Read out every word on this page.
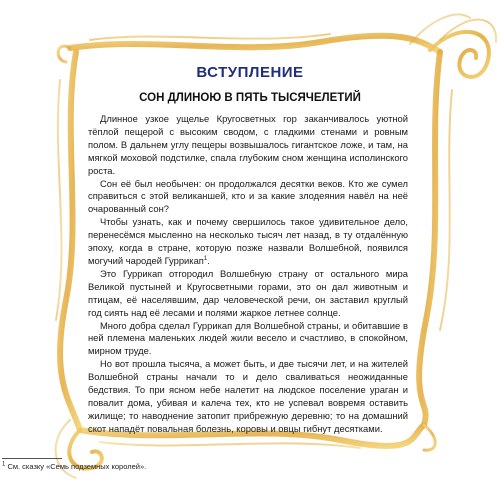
ВСТУПЛЕНИЕ
СОН ДЛИНОЮ В ПЯТЬ ТЫСЯЧЕЛЕТИЙ

Длинное узкое ущелье Кругосветных гор заканчивалось уютной тёплой пещерой с высоким сводом, с гладкими стенами и ровным полом. В дальнем углу пещеры возвышалось гигантское ложе, и там, на мягкой моховой подстилке, спала глубоким сном женщина исполинского роста.

Сон её был необычен: он продолжался десятки веков. Кто же сумел справиться с этой великаншей, кто и за какие злодеяния навёл на неё очарованный сон?

Чтобы узнать, как и почему свершилось такое удивительное дело, перенесёмся мысленно на несколько тысяч лет назад, в ту отдалённую эпоху, когда в стране, которую позже назвали Волшебной, появился могучий чародей Гуррикап$^1$.

Это Гуррикап отгородил Волшебную страну от остального мира Великой пустыней и Кругосветными горами, это он дал животным и птицам, её населявшим, дар человеческой речи, он заставил круглый год сиять над её лесами и полями жаркое летнее солнце.

Много добра сделал Гуррикап для Волшебной страны, и обитавшие в ней племена маленьких людей жили весело и счастливо, в спокойном, мирном труде.

Но вот прошла тысяча, а может быть, и две тысячи лет, и на жителей Волшебной страны начали то и дело сваливаться неожиданные бедствия. То при ясном небе налетит на людское поселение ураган и повалит дома, убивая и калеча тех, кто не успевал вовремя оставить жилище; то наводнение затопит прибрежную деревню; то на домашний скот нападёт повальная болезнь, коровы и овцы гибнут десятками.

$^1$ См. сказку «Семь подземных королей».
